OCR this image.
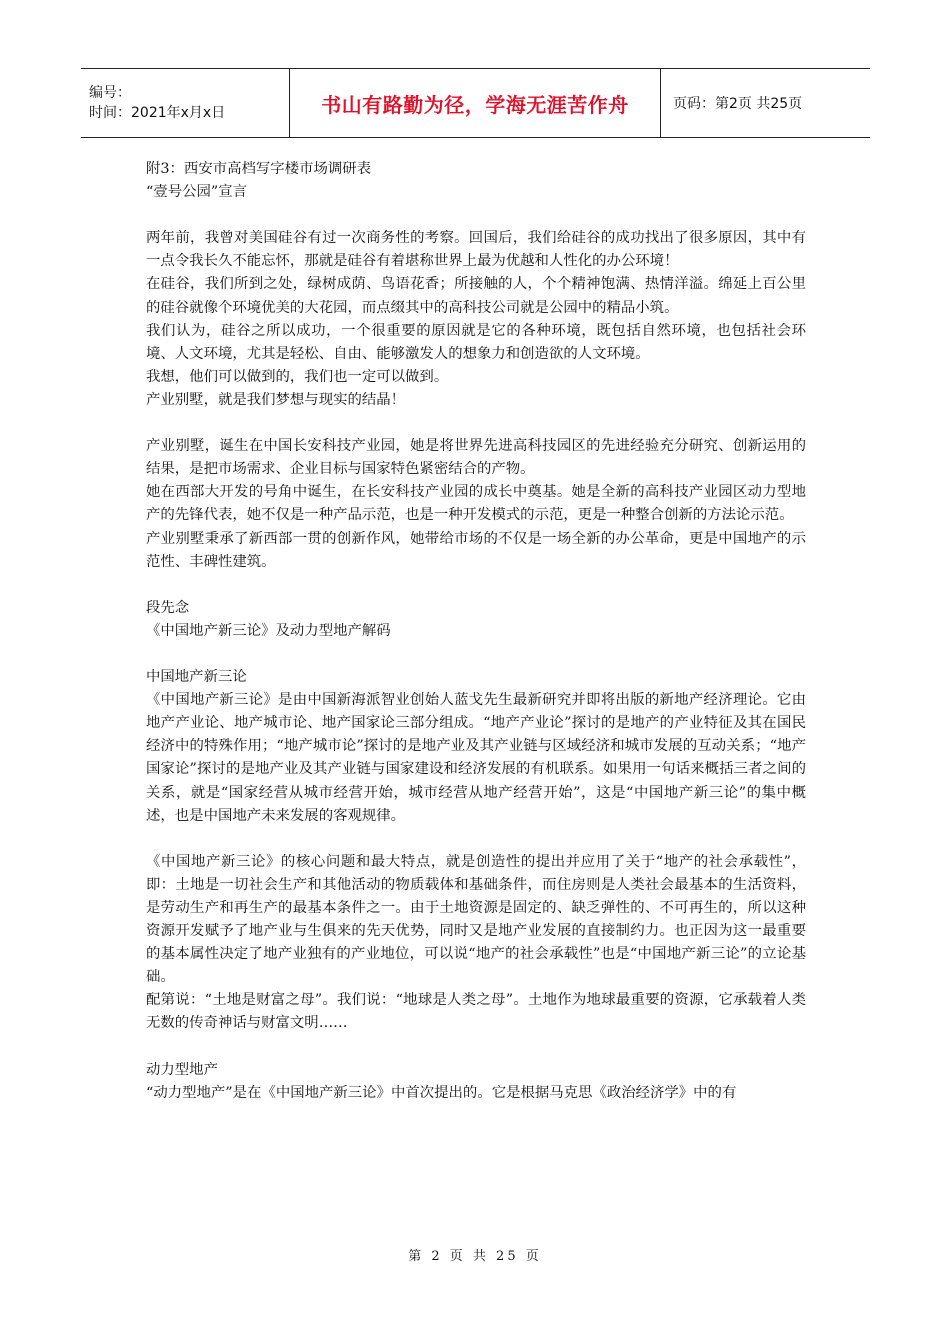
编号：
时间：2021年x月x日	书山有路勤为径，学海无涯苦作舟	页码：第2页 共25页

附3：西安市高档写字楼市场调研表

“壹号公园”宣言

两年前，我曾对美国硅谷有过一次商务性的考察。回国后，我们给硅谷的成功找出了很多原因，其中有一点令我长久不能忘怀，那就是硅谷有着堪称世界上最为优越和人性化的办公环境！

在硅谷，我们所到之处，绿树成荫、鸟语花香；所接触的人，个个精神饱满、热情洋溢。绵延上百公里的硅谷就像个环境优美的大花园，而点缀其中的高科技公司就是公园中的精品小筑。

我们认为，硅谷之所以成功，一个很重要的原因就是它的各种环境，既包括自然环境，也包括社会环境、人文环境，尤其是轻松、自由、能够激发人的想象力和创造欲的人文环境。

我想，他们可以做到的，我们也一定可以做到。

产业别墅，就是我们梦想与现实的结晶！

产业别墅，诞生在中国长安科技产业园，她是将世界先进高科技园区的先进经验充分研究、创新运用的结果，是把市场需求、企业目标与国家特色紧密结合的产物。

她在西部大开发的号角中诞生，在长安科技产业园的成长中奠基。她是全新的高科技产业园区动力型地产的先锋代表，她不仅是一种产品示范，也是一种开发模式的示范，更是一种整合创新的方法论示范。

产业别墅秉承了新西部一贯的创新作风，她带给市场的不仅是一场全新的办公革命，更是中国地产的示范性、丰碑性建筑。

段先念

《中国地产新三论》及动力型地产解码

中国地产新三论

《中国地产新三论》是由中国新海派智业创始人蓝戈先生最新研究并即将出版的新地产经济理论。它由地产产业论、地产城市论、地产国家论三部分组成。“地产产业论”探讨的是地产的产业特征及其在国民经济中的特殊作用；“地产城市论”探讨的是地产业及其产业链与区域经济和城市发展的互动关系；“地产国家论”探讨的是地产业及其产业链与国家建设和经济发展的有机联系。如果用一句话来概括三者之间的关系，就是“国家经营从城市经营开始，城市经营从地产经营开始”，这是“中国地产新三论”的集中概述，也是中国地产未来发展的客观规律。

《中国地产新三论》的核心问题和最大特点，就是创造性的提出并应用了关于“地产的社会承载性”，即：土地是一切社会生产和其他活动的物质载体和基础条件，而住房则是人类社会最基本的生活资料，是劳动生产和再生产的最基本条件之一。由于土地资源是固定的、缺乏弹性的、不可再生的，所以这种资源开发赋予了地产业与生俱来的先天优势，同时又是地产业发展的直接制约力。也正因为这一最重要的基本属性决定了地产业独有的产业地位，可以说“地产的社会承载性”也是“中国地产新三论”的立论基础。

配第说：“土地是财富之母”。我们说：“地球是人类之母”。土地作为地球最重要的资源，它承载着人类无数的传奇神话与财富文明……

动力型地产

“动力型地产”是在《中国地产新三论》中首次提出的。它是根据马克思《政治经济学》中的有

第 2 页 共 25 页
